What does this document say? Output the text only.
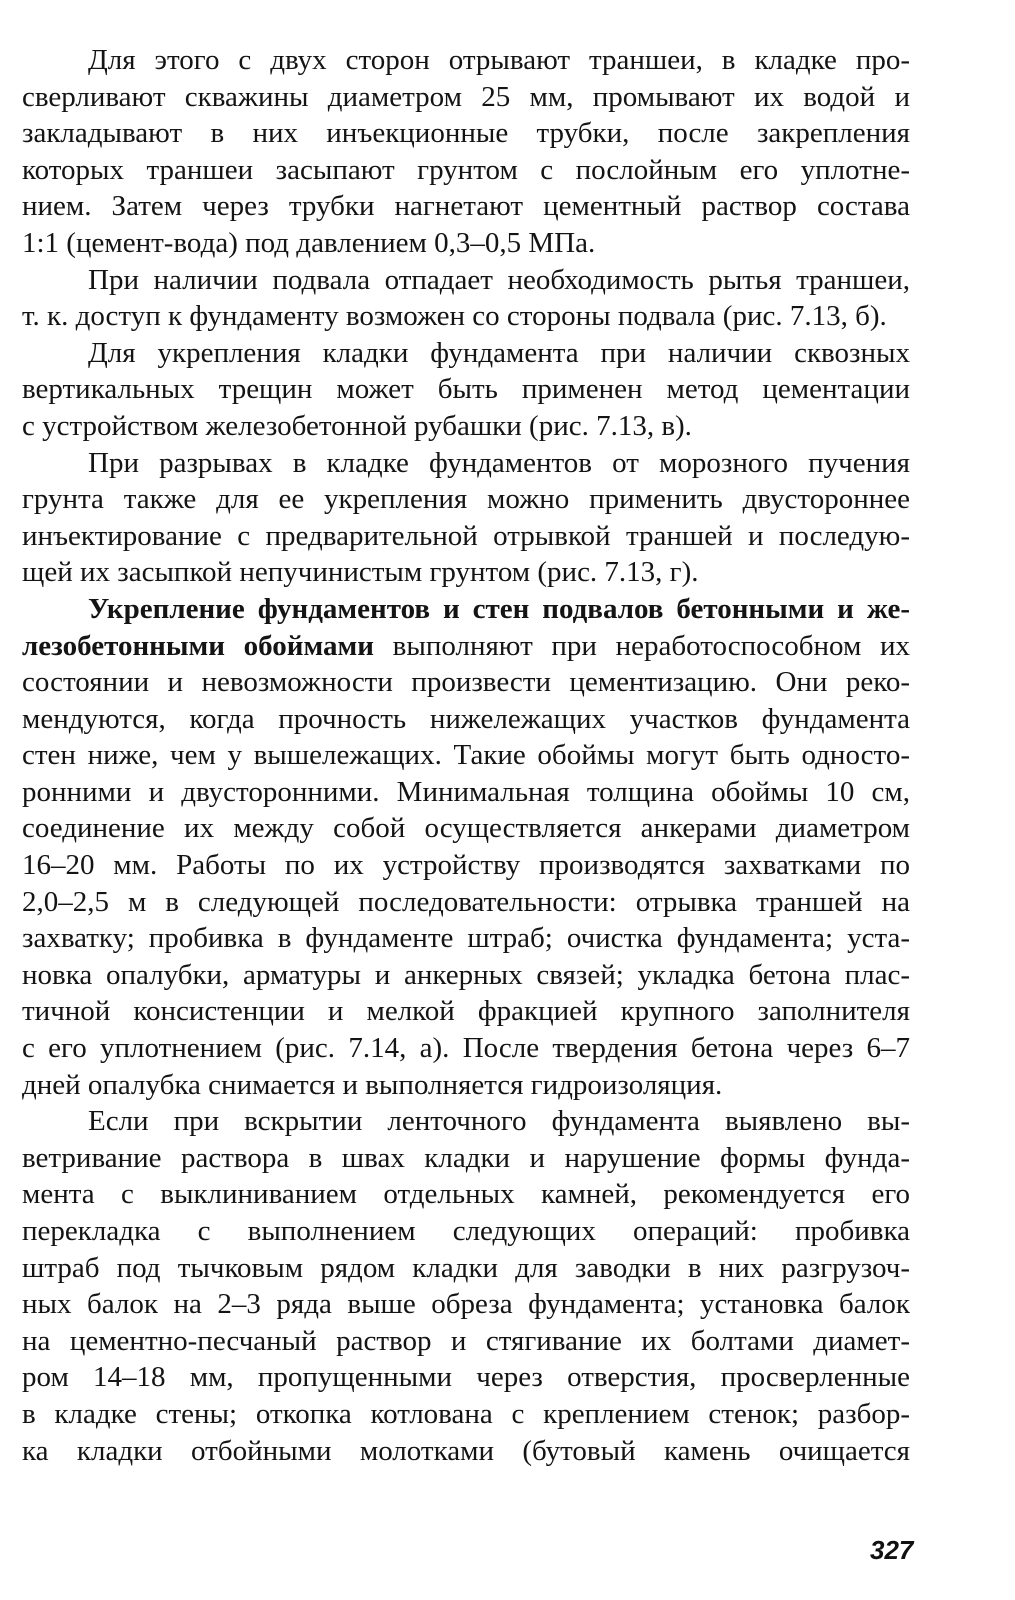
Для этого с двух сторон отрывают траншеи, в кладке про-
сверливают скважины диаметром 25 мм, промывают их водой и
закладывают в них инъекционные трубки, после закрепления
которых траншеи засыпают грунтом с послойным его уплотне-
нием. Затем через трубки нагнетают цементный раствор состава
1:1 (цемент-вода) под давлением 0,3–0,5 МПа.
При наличии подвала отпадает необходимость рытья траншеи,
т. к. доступ к фундаменту возможен со стороны подвала (рис. 7.13, б).
Для укрепления кладки фундамента при наличии сквозных
вертикальных трещин может быть применен метод цементации
с устройством железобетонной рубашки (рис. 7.13, в).
При разрывах в кладке фундаментов от морозного пучения
грунта также для ее укрепления можно применить двустороннее
инъектирование с предварительной отрывкой траншей и последую-
щей их засыпкой непучинистым грунтом (рис. 7.13, г).
Укрепление фундаментов и стен подвалов бетонными и же-
лезобетонными обоймами выполняют при неработоспособном их
состоянии и невозможности произвести цементизацию. Они реко-
мендуются, когда прочность нижележащих участков фундамента
стен ниже, чем у вышележащих. Такие обоймы могут быть односто-
ронними и двусторонними. Минимальная толщина обоймы 10 см,
соединение их между собой осуществляется анкерами диаметром
16–20 мм. Работы по их устройству производятся захватками по
2,0–2,5 м в следующей последовательности: отрывка траншей на
захватку; пробивка в фундаменте штраб; очистка фундамента; уста-
новка опалубки, арматуры и анкерных связей; укладка бетона плас-
тичной консистенции и мелкой фракцией крупного заполнителя
с его уплотнением (рис. 7.14, а). После твердения бетона через 6–7
дней опалубка снимается и выполняется гидроизоляция.
Если при вскрытии ленточного фундамента выявлено вы-
ветривание раствора в швах кладки и нарушение формы фунда-
мента с выклиниванием отдельных камней, рекомендуется его
перекладка с выполнением следующих операций: пробивка
штраб под тычковым рядом кладки для заводки в них разгрузоч-
ных балок на 2–3 ряда выше обреза фундамента; установка балок
на цементно-песчаный раствор и стягивание их болтами диамет-
ром 14–18 мм, пропущенными через отверстия, просверленные
в кладке стены; откопка котлована с креплением стенок; разбор-
ка кладки отбойными молотками (бутовый камень очищается
327
